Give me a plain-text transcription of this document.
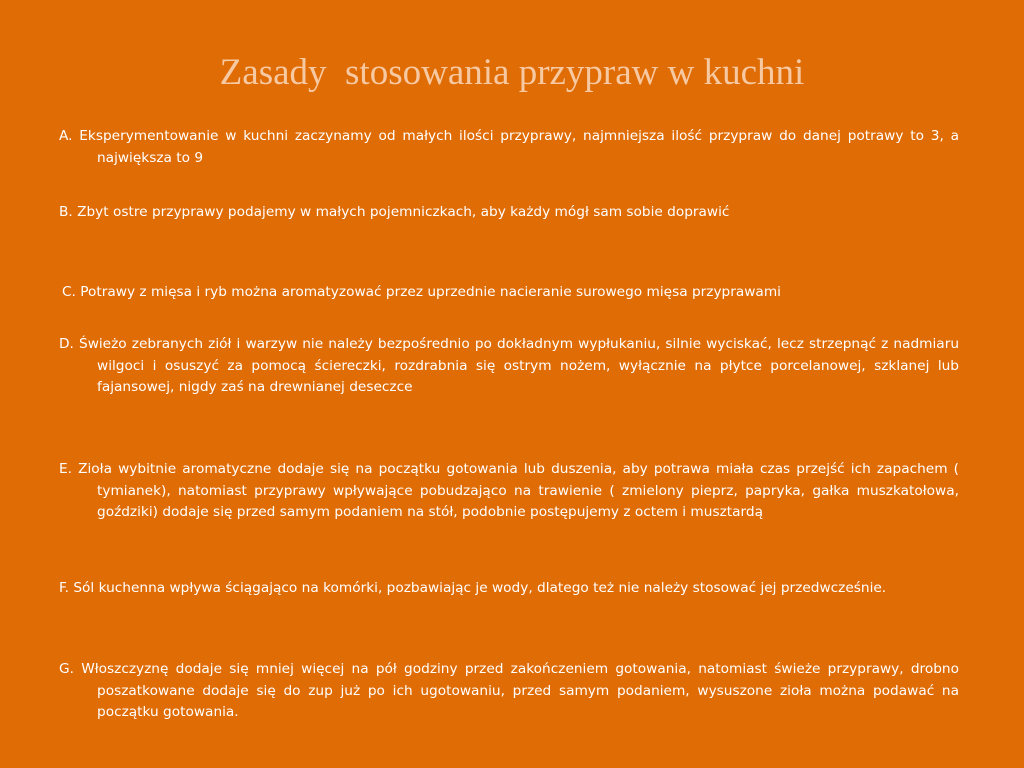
Zasady  stosowania przypraw w kuchni
A. Eksperymentowanie w kuchni zaczynamy od małych ilości przyprawy, najmniejsza ilość przypraw do danej potrawy to 3, a największa to 9
B. Zbyt ostre przyprawy podajemy w małych pojemniczkach, aby każdy mógł sam sobie doprawić
C. Potrawy z mięsa i ryb można aromatyzować przez uprzednie nacieranie surowego mięsa przyprawami
D. Świeżo zebranych ziół i warzyw nie należy bezpośrednio po dokładnym wypłukaniu, silnie wyciskać, lecz strzepnąć z nadmiaru wilgoci i osuszyć za pomocą ściereczki, rozdrabnia się ostrym nożem, wyłącznie na płytce porcelanowej, szklanej lub fajansowej, nigdy zaś na drewnianej deseczce
E. Zioła wybitnie aromatyczne dodaje się na początku gotowania lub duszenia, aby potrawa miała czas przejść ich zapachem ( tymianek), natomiast przyprawy wpływające pobudzająco na trawienie ( zmielony pieprz, papryka, gałka muszkatołowa, goździki) dodaje się przed samym podaniem na stół, podobnie postępujemy z octem i musztardą
F. Sól kuchenna wpływa ściągająco na komórki, pozbawiając je wody, dlatego też nie należy stosować jej przedwcześnie.
G. Włoszczyznę dodaje się mniej więcej na pół godziny przed zakończeniem gotowania, natomiast świeże przyprawy, drobno poszatkowane dodaje się do zup już po ich ugotowaniu, przed samym podaniem, wysuszone zioła można podawać na początku gotowania.
